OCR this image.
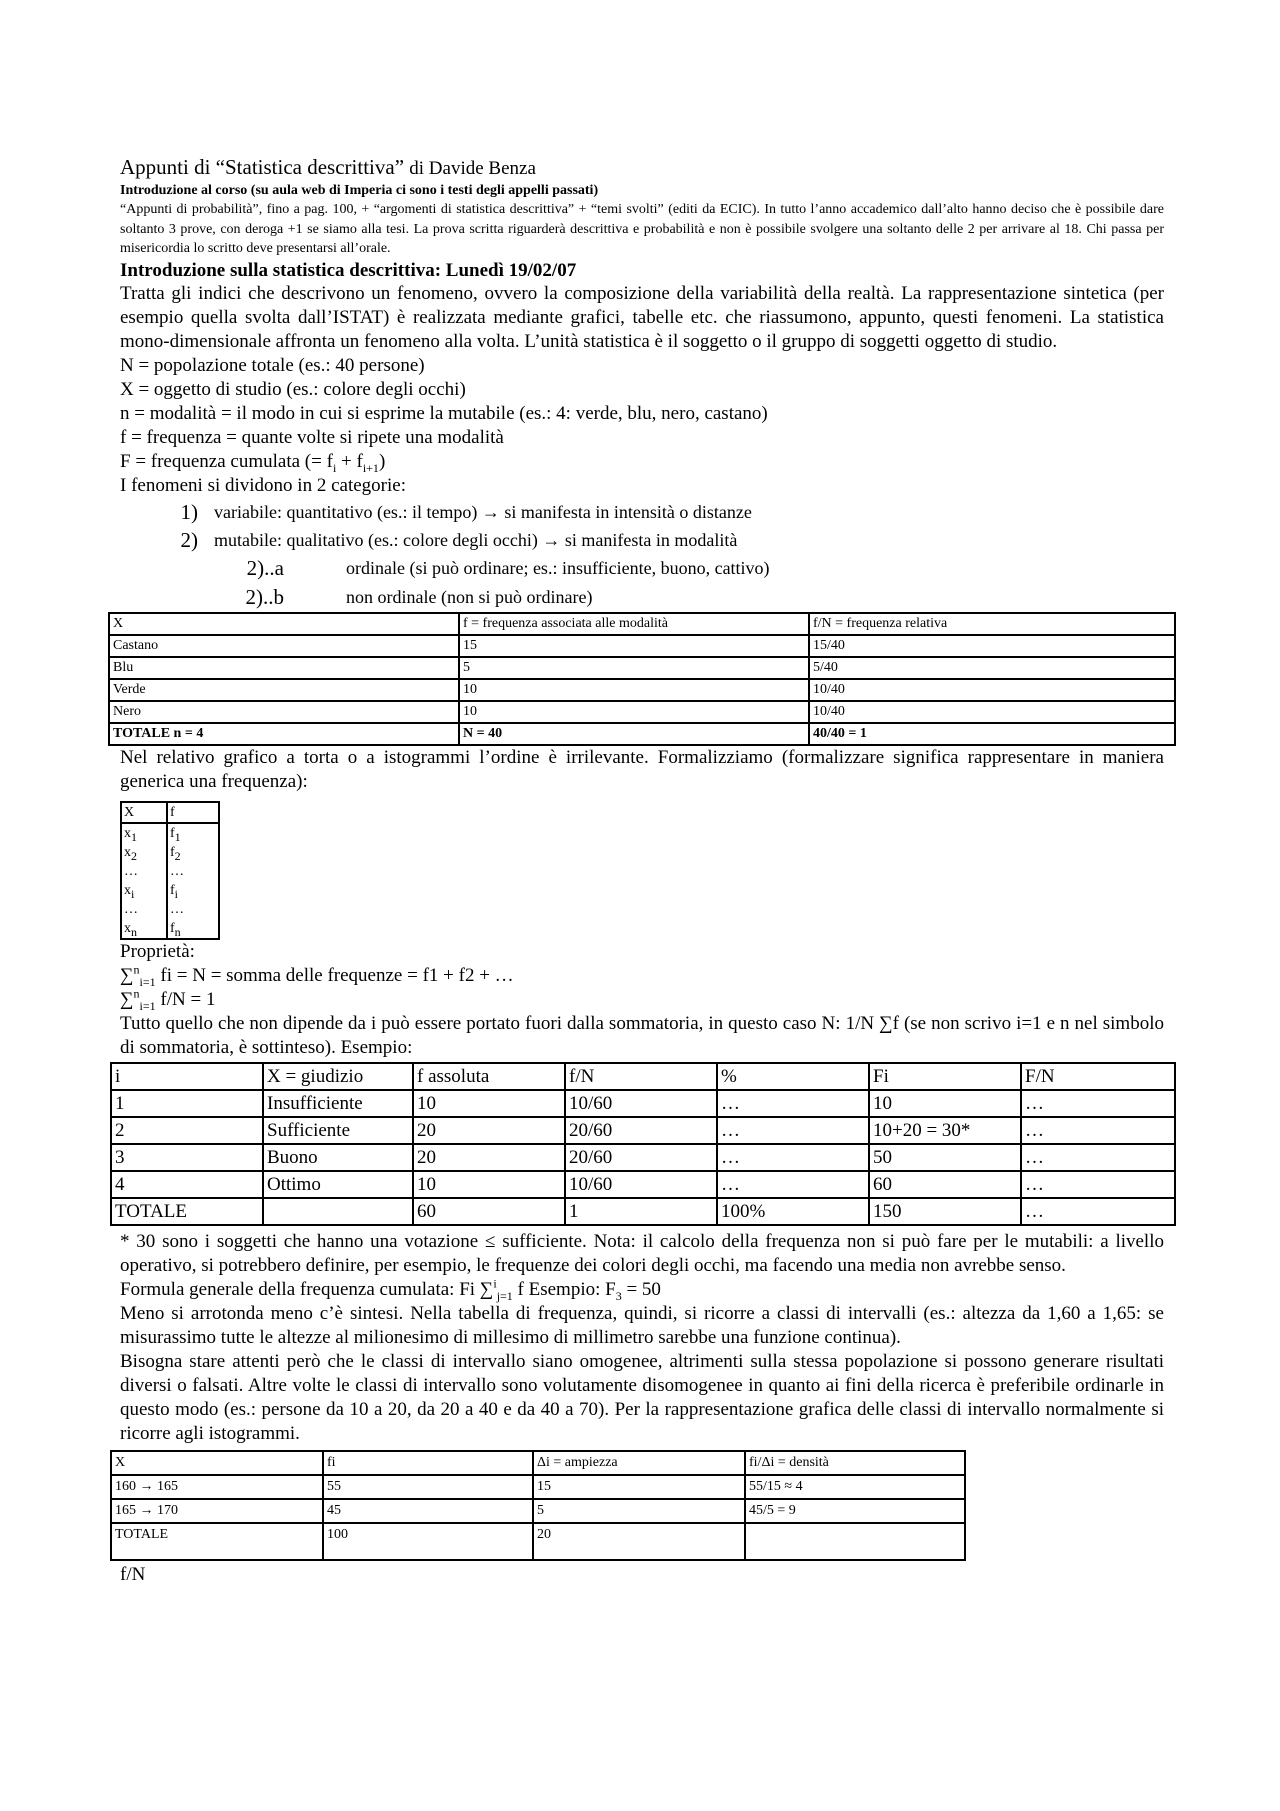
Appunti di “Statistica descrittiva” di Davide Benza
Introduzione al corso (su aula web di Imperia ci sono i testi degli appelli passati)
“Appunti di probabilità”, fino a pag. 100, + “argomenti di statistica descrittiva” + “temi svolti” (editi da ECIC). In tutto l’anno accademico dall’alto hanno deciso che è possibile dare soltanto 3 prove, con deroga +1 se siamo alla tesi. La prova scritta riguarderà descrittiva e probabilità e non è possibile svolgere una soltanto delle 2 per arrivare al 18. Chi passa per misericordia lo scritto deve presentarsi all’orale.
Introduzione sulla statistica descrittiva: Lunedì 19/02/07

Tratta gli indici che descrivono un fenomeno, ovvero la composizione della variabilità della realtà. La rappresentazione sintetica (per esempio quella svolta dall’ISTAT) è realizzata mediante grafici, tabelle etc. che riassumono, appunto, questi fenomeni. La statistica mono-dimensionale affronta un fenomeno alla volta. L’unità statistica è il soggetto o il gruppo di soggetti oggetto di studio.

N = popolazione totale (es.: 40 persone)
X = oggetto di studio (es.: colore degli occhi)
n = modalità = il modo in cui si esprime la mutabile (es.: 4: verde, blu, nero, castano)
f = frequenza = quante volte si ripete una modalità
F = frequenza cumulata (= $f_i + f_{i+1}$)
I fenomeni si dividono in 2 categorie:
1) variabile: quantitativo (es.: il tempo) → si manifesta in intensità o distanze
2) mutabile: qualitativo (es.: colore degli occhi) → si manifesta in modalità
2)..a	ordinale (si può ordinare; es.: insufficiente, buono, cattivo)
2)..b	non ordinale (non si può ordinare)
X	f = frequenza associata alle modalità	f/N = frequenza relativa
Castano	15	15/40
Blu	5	5/40
Verde	10	10/40
Nero	10	10/40
TOTALE n = 4	N = 40	40/40 = 1

Nel relativo grafico a torta o a istogrammi l’ordine è irrilevante. Formalizziamo (formalizzare significa rappresentare in maniera generica una frequenza):

X	f
$x_1$	$f_1$
$x_2$	$f_2$
…	…
$x_i$	$f_i$
…	…
$x_n$	$f_n$
Proprietà:
∑$^n_{i=1}$ fi = N = somma delle frequenze = f1 + f2 + …
∑$^n_{i=1}$ f/N = 1

Tutto quello che non dipende da i può essere portato fuori dalla sommatoria, in questo caso N: 1/N ∑f (se non scrivo i=1 e n nel simbolo di sommatoria, è sottinteso). Esempio:

i	X = giudizio	f assoluta	f/N	%	Fi	F/N
1	Insufficiente	10	10/60	…	10	…
2	Sufficiente	20	20/60	…	10+20 = 30*	…
3	Buono	20	20/60	…	50	…
4	Ottimo	10	10/60	…	60	…
TOTALE		60	1	100%	150	…

* 30 sono i soggetti che hanno una votazione ≤ sufficiente. Nota: il calcolo della frequenza non si può fare per le mutabili: a livello operativo, si potrebbero definire, per esempio, le frequenze dei colori degli occhi, ma facendo una media non avrebbe senso.

Formula generale della frequenza cumulata: Fi ∑$^i_{j=1}$ f Esempio: $F_3 = 50$

Meno si arrotonda meno c’è sintesi. Nella tabella di frequenza, quindi, si ricorre a classi di intervalli (es.: altezza da 1,60 a 1,65: se misurassimo tutte le altezze al milionesimo di millesimo di millimetro sarebbe una funzione continua).

Bisogna stare attenti però che le classi di intervallo siano omogenee, altrimenti sulla stessa popolazione si possono generare risultati diversi o falsati. Altre volte le classi di intervallo sono volutamente disomogenee in quanto ai fini della ricerca è preferibile ordinarle in questo modo (es.: persone da 10 a 20, da 20 a 40 e da 40 a 70). Per la rappresentazione grafica delle classi di intervallo normalmente si ricorre agli istogrammi.

X	fi	Δi = ampiezza	fi/Δi = densità
160 → 165	55	15	55/15 ≈ 4
165 → 170	45	5	45/5 = 9
TOTALE	100	20	
f/N
